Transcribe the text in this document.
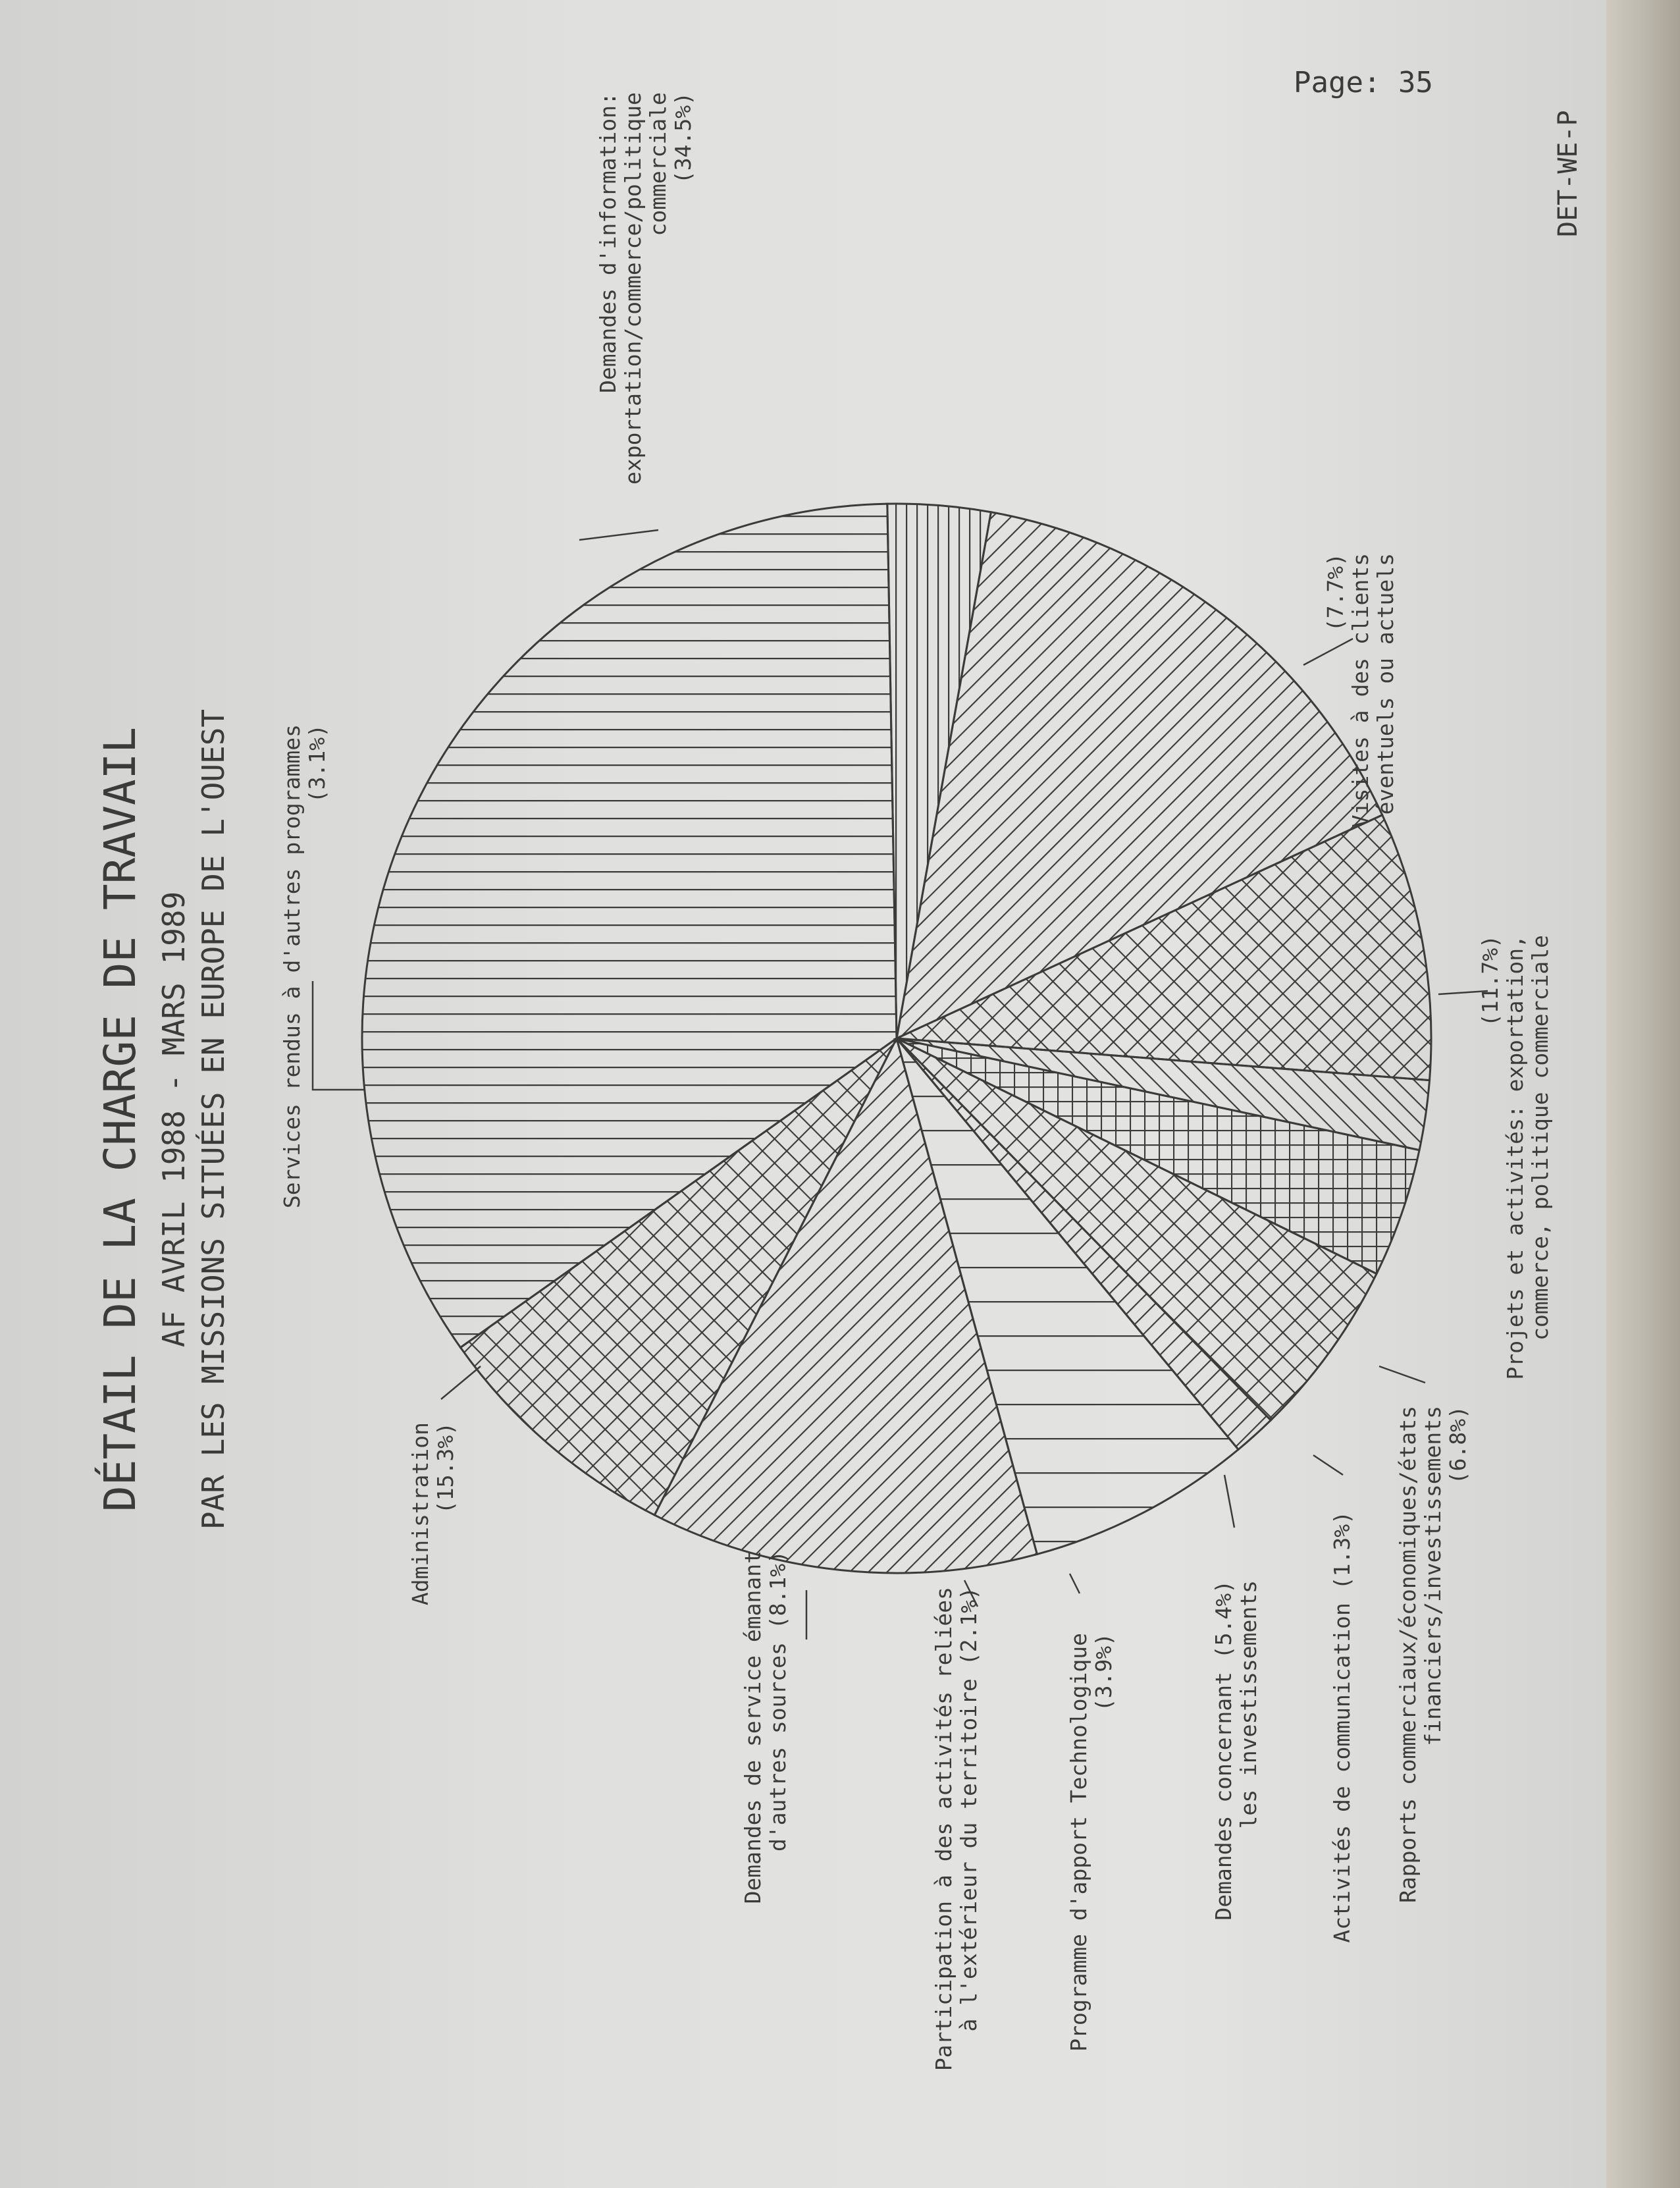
Page: 35
DET-WE-P
DÉTAIL DE LA CHARGE DE TRAVAIL AF AVRIL 1988 - MARS 1989 PAR LES MISSIONS SITUÉES EN EUROPE DE L'OUEST
Demandes d'information:exportation/commerce/politiquecommerciale(34.5%)
(7.7%)Visites à des clientséventuels ou actuels
(11.7%)Projets et activités: exportation,commerce, politique commerciale
Rapports commerciaux/économiques/étatsfinanciers/investissements(6.8%)
Activités de communication (1.3%)
Demandes concernant (5.4%)les investissements
Programme d'apport Technologique(3.9%)
Participation à des activités reliéesà l'extérieur du territoire (2.1%)
Demandes de service émanantd'autres sources (8.1%)
Administration(15.3%)
Services rendus à d'autres programmes(3.1%)
